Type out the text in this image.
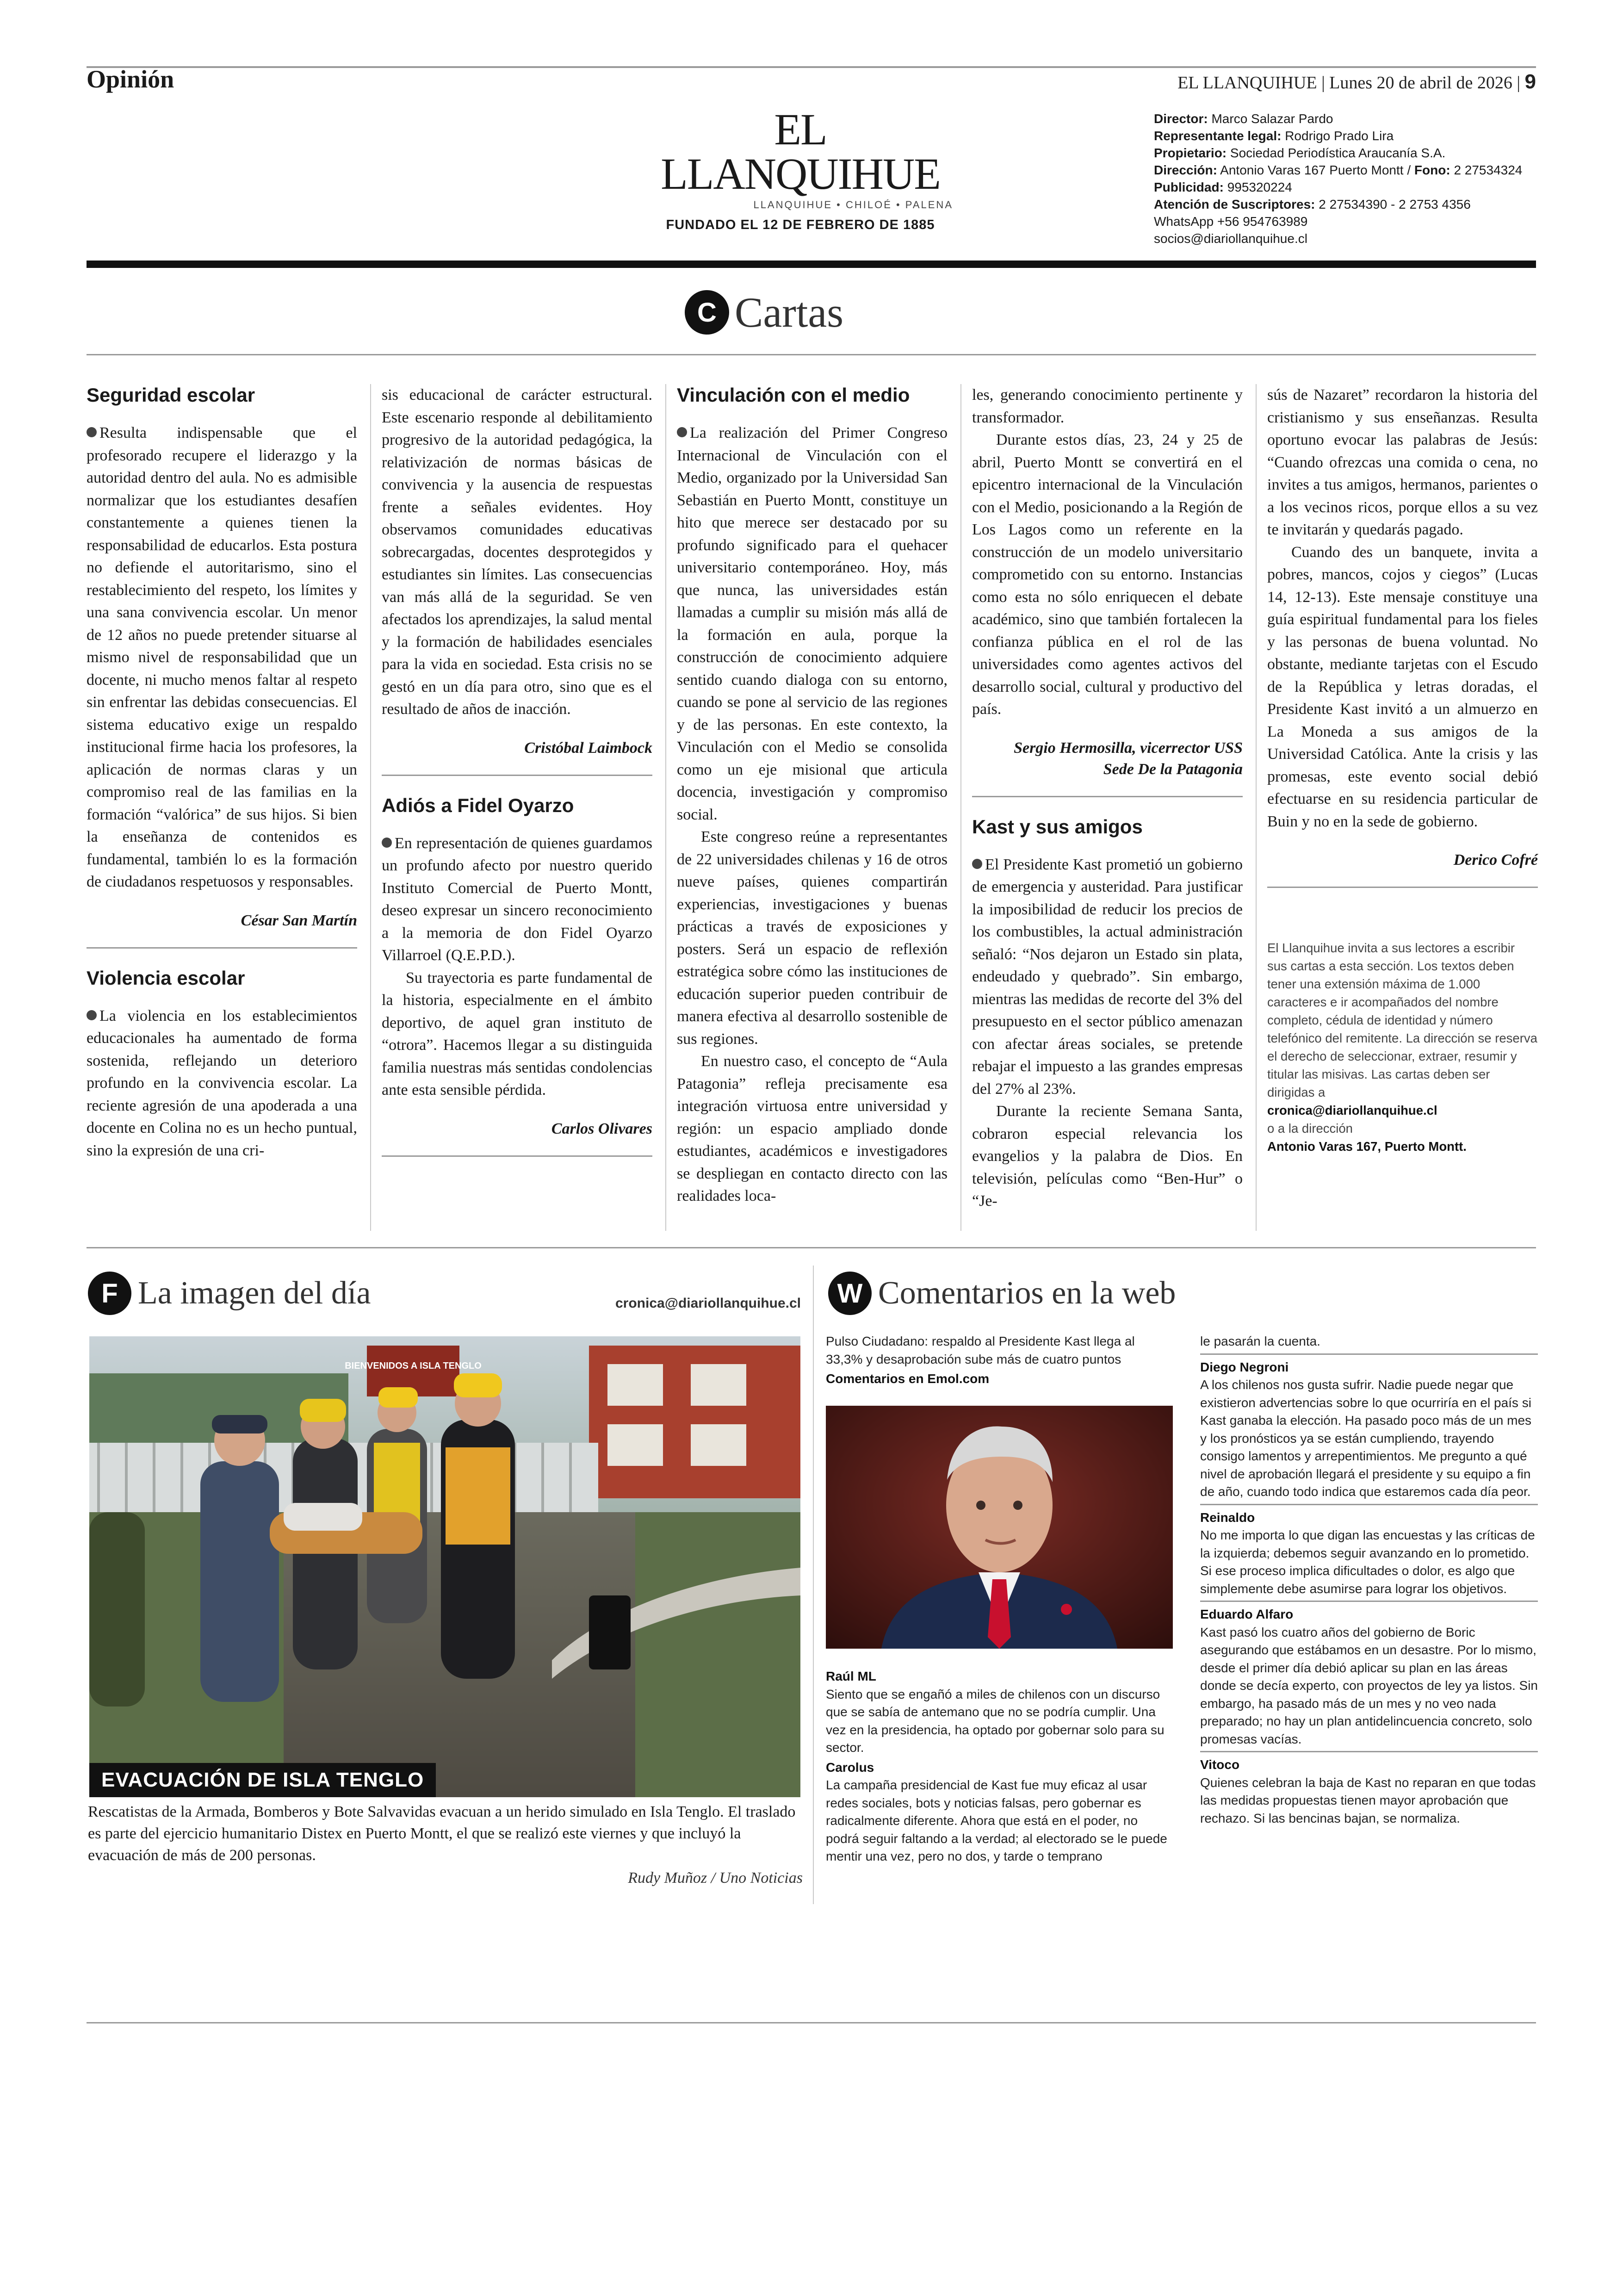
Opinión	EL LLANQUIHUE | Lunes 20 de abril de 2026 | 9
EL LLANQUIHUE
LLANQUIHUE • CHILOÉ • PALENA
FUNDADO EL 12 DE FEBRERO DE 1885
Director: Marco Salazar Pardo
Representante legal: Rodrigo Prado Lira
Propietario: Sociedad Periodística Araucanía S.A.
Dirección: Antonio Varas 167 Puerto Montt / Fono: 2 27534324
Publicidad: 995320224
Atención de Suscriptores: 2 27534390 - 2 2753 4356
WhatsApp +56 954763989
socios@diariollanquihue.cl
C Cartas
Seguridad escolar

Resulta indispensable que el profesorado recupere el liderazgo y la autoridad dentro del aula. No es admisible normalizar que los estudiantes desafíen constantemente a quienes tienen la responsabilidad de educarlos. Esta postura no defiende el autoritarismo, sino el restablecimiento del respeto, los límites y una sana convivencia escolar. Un menor de 12 años no puede pretender situarse al mismo nivel de responsabilidad que un docente, ni mucho menos faltar al respeto sin enfrentar las debidas consecuencias. El sistema educativo exige un respaldo institucional firme hacia los profesores, la aplicación de normas claras y un compromiso real de las familias en la formación “valórica” de sus hijos. Si bien la enseñanza de contenidos es fundamental, también lo es la formación de ciudadanos respetuosos y responsables.

César San Martín
Violencia escolar

La violencia en los establecimientos educacionales ha aumentado de forma sostenida, reflejando un deterioro profundo en la convivencia escolar. La reciente agresión de una apoderada a una docente en Colina no es un hecho puntual, sino la expresión de una cri-

sis educacional de carácter estructural. Este escenario responde al debilitamiento progresivo de la autoridad pedagógica, la relativización de normas básicas de convivencia y la ausencia de respuestas frente a señales evidentes. Hoy observamos comunidades educativas sobrecargadas, docentes desprotegidos y estudiantes sin límites. Las consecuencias van más allá de la seguridad. Se ven afectados los aprendizajes, la salud mental y la formación de habilidades esenciales para la vida en sociedad. Esta crisis no se gestó en un día para otro, sino que es el resultado de años de inacción.

Cristóbal Laimbock
Adiós a Fidel Oyarzo

En representación de quienes guardamos un profundo afecto por nuestro querido Instituto Comercial de Puerto Montt, deseo expresar un sincero reconocimiento a la memoria de don Fidel Oyarzo Villarroel (Q.E.P.D.).

Su trayectoria es parte fundamental de la historia, especialmente en el ámbito deportivo, de aquel gran instituto de “otrora”. Hacemos llegar a su distinguida familia nuestras más sentidas condolencias ante esta sensible pérdida.

Carlos Olivares
Vinculación con el medio

La realización del Primer Congreso Internacional de Vinculación con el Medio, organizado por la Universidad San Sebastián en Puerto Montt, constituye un hito que merece ser destacado por su profundo significado para el quehacer universitario contemporáneo. Hoy, más que nunca, las universidades están llamadas a cumplir su misión más allá de la formación en aula, porque la construcción de conocimiento adquiere sentido cuando dialoga con su entorno, cuando se pone al servicio de las regiones y de las personas. En este contexto, la Vinculación con el Medio se consolida como un eje misional que articula docencia, investigación y compromiso social.

Este congreso reúne a representantes de 22 universidades chilenas y 16 de otros nueve países, quienes compartirán experiencias, investigaciones y buenas prácticas a través de exposiciones y posters. Será un espacio de reflexión estratégica sobre cómo las instituciones de educación superior pueden contribuir de manera efectiva al desarrollo sostenible de sus regiones.

En nuestro caso, el concepto de “Aula Patagonia” refleja precisamente esa integración virtuosa entre universidad y región: un espacio ampliado donde estudiantes, académicos e investigadores se despliegan en contacto directo con las realidades loca-

les, generando conocimiento pertinente y transformador.

Durante estos días, 23, 24 y 25 de abril, Puerto Montt se convertirá en el epicentro internacional de la Vinculación con el Medio, posicionando a la Región de Los Lagos como un referente en la construcción de un modelo universitario comprometido con su entorno. Instancias como esta no sólo enriquecen el debate académico, sino que también fortalecen la confianza pública en el rol de las universidades como agentes activos del desarrollo social, cultural y productivo del país.

Sergio Hermosilla, vicerrector USS
Sede De la Patagonia
Kast y sus amigos

El Presidente Kast prometió un gobierno de emergencia y austeridad. Para justificar la imposibilidad de reducir los precios de los combustibles, la actual administración señaló: “Nos dejaron un Estado sin plata, endeudado y quebrado”. Sin embargo, mientras las medidas de recorte del 3% del presupuesto en el sector público amenazan con afectar áreas sociales, se pretende rebajar el impuesto a las grandes empresas del 27% al 23%.

Durante la reciente Semana Santa, cobraron especial relevancia los evangelios y la palabra de Dios. En televisión, películas como “Ben-Hur” o “Je-

sús de Nazaret” recordaron la historia del cristianismo y sus enseñanzas. Resulta oportuno evocar las palabras de Jesús: “Cuando ofrezcas una comida o cena, no invites a tus amigos, hermanos, parientes o a los vecinos ricos, porque ellos a su vez te invitarán y quedarás pagado.

Cuando des un banquete, invita a pobres, mancos, cojos y ciegos” (Lucas 14, 12-13). Este mensaje constituye una guía espiritual fundamental para los fieles y las personas de buena voluntad. No obstante, mediante tarjetas con el Escudo de la República y letras doradas, el Presidente Kast invitó a un almuerzo en La Moneda a sus amigos de la Universidad Católica. Ante la crisis y las promesas, este evento social debió efectuarse en su residencia particular de Buin y no en la sede de gobierno.

Derico Cofré
El Llanquihue invita a sus lectores a escribir sus cartas a esta sección. Los textos deben tener una extensión máxima de 1.000 caracteres e ir acompañados del nombre completo, cédula de identidad y número telefónico del remitente. La dirección se reserva el derecho de seleccionar, extraer, resumir y titular las misivas. Las cartas deben ser dirigidas a
cronica@diariollanquihue.cl
o a la dirección
Antonio Varas 167, Puerto Montt.
F La imagen del día	cronica@diariollanquihue.cl
BIENVENIDOS A ISLA TENGLO
EVACUACIÓN DE ISLA TENGLO
Rescatistas de la Armada, Bomberos y Bote Salvavidas evacuan a un herido simulado en Isla Tenglo. El traslado es parte del ejercicio humanitario Distex en Puerto Montt, el que se realizó este viernes y que incluyó la evacuación de más de 200 personas.
Rudy Muñoz / Uno Noticias
W Comentarios en la web
Pulso Ciudadano: respaldo al Presidente Kast llega al 33,3% y desaprobación sube más de cuatro puntos
Comentarios en Emol.com
Raúl ML
Siento que se engañó a miles de chilenos con un discurso que se sabía de antemano que no se podría cumplir. Una vez en la presidencia, ha optado por gobernar solo para su sector.
Carolus
La campaña presidencial de Kast fue muy eficaz al usar redes sociales, bots y noticias falsas, pero gobernar es radicalmente diferente. Ahora que está en el poder, no podrá seguir faltando a la verdad; al electorado se le puede mentir una vez, pero no dos, y tarde o temprano
le pasarán la cuenta.
Diego Negroni
A los chilenos nos gusta sufrir. Nadie puede negar que existieron advertencias sobre lo que ocurriría en el país si Kast ganaba la elección. Ha pasado poco más de un mes y los pronósticos ya se están cumpliendo, trayendo consigo lamentos y arrepentimientos. Me pregunto a qué nivel de aprobación llegará el presidente y su equipo a fin de año, cuando todo indica que estaremos cada día peor.
Reinaldo
No me importa lo que digan las encuestas y las críticas de la izquierda; debemos seguir avanzando en lo prometido. Si ese proceso implica dificultades o dolor, es algo que simplemente debe asumirse para lograr los objetivos.
Eduardo Alfaro
Kast pasó los cuatro años del gobierno de Boric asegurando que estábamos en un desastre. Por lo mismo, desde el primer día debió aplicar su plan en las áreas donde se decía experto, con proyectos de ley ya listos. Sin embargo, ha pasado más de un mes y no veo nada preparado; no hay un plan antidelincuencia concreto, solo promesas vacías.
Vitoco
Quienes celebran la baja de Kast no reparan en que todas las medidas propuestas tienen mayor aprobación que rechazo. Si las bencinas bajan, se normaliza.
